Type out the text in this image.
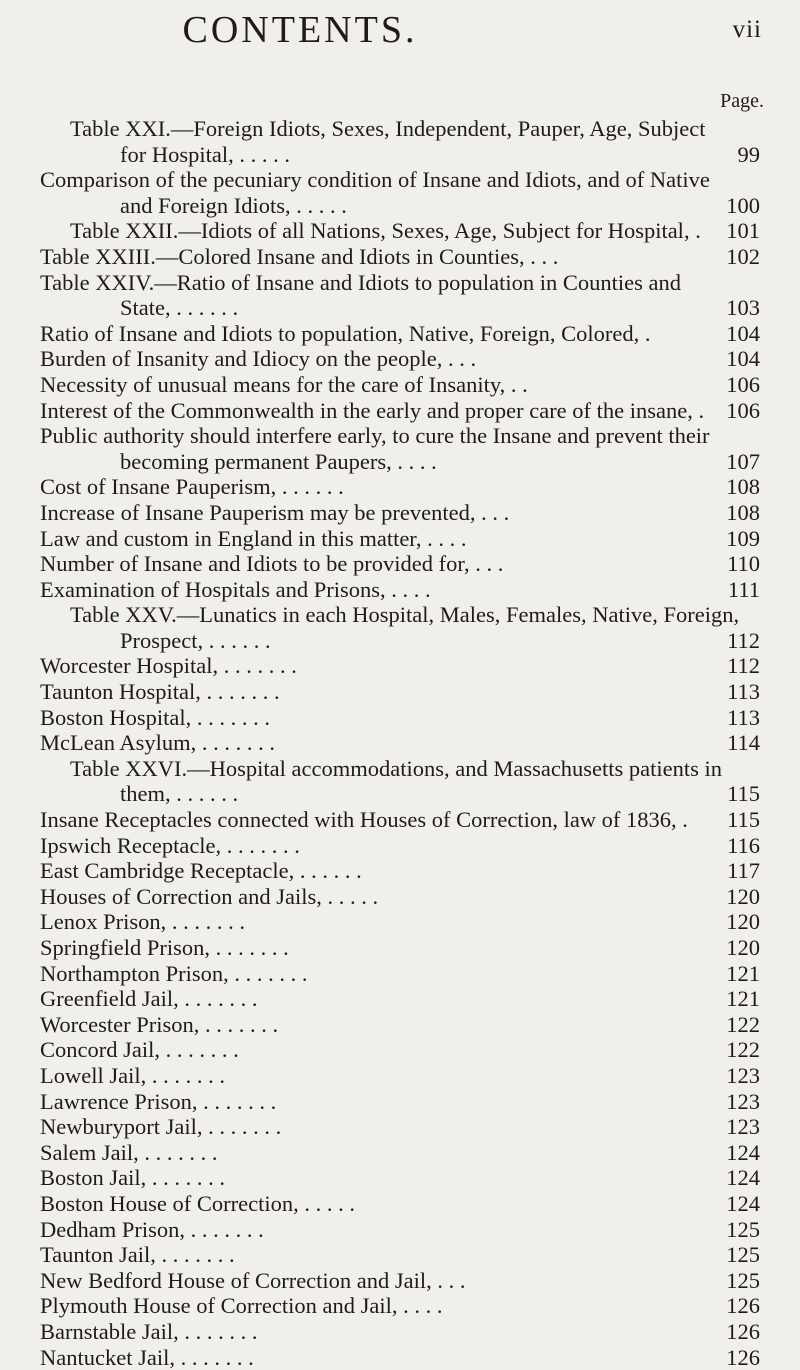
CONTENTS.	vii
Page.
Table XXI.—Foreign Idiots, Sexes, Independent, Pauper, Age, Subject
for Hospital, . . . . .	99
Comparison of the pecuniary condition of Insane and Idiots, and of Native
and Foreign Idiots, . . . . .	100
Table XXII.—Idiots of all Nations, Sexes, Age, Subject for Hospital, .	101
Table XXIII.—Colored Insane and Idiots in Counties, . . .	102
Table XXIV.—Ratio of Insane and Idiots to population in Counties and
State, . . . . . .	103
Ratio of Insane and Idiots to population, Native, Foreign, Colored, .	104
Burden of Insanity and Idiocy on the people, . . .	104
Necessity of unusual means for the care of Insanity, . .	106
Interest of the Commonwealth in the early and proper care of the insane, . 106
Public authority should interfere early, to cure the Insane and prevent their
becoming permanent Paupers, . . . .	107
Cost of Insane Pauperism, . . . . . .	108
Increase of Insane Pauperism may be prevented, . . .	108
Law and custom in England in this matter, . . . .	109
Number of Insane and Idiots to be provided for, . . .	110
Examination of Hospitals and Prisons, . . . .	111
Table XXV.—Lunatics in each Hospital, Males, Females, Native, Foreign,
Prospect, . . . . . .	112
Worcester Hospital, . . . . . . .	112
Taunton Hospital, . . . . . . .	113
Boston Hospital, . . . . . . .	113
McLean Asylum, . . . . . . .	114
Table XXVI.—Hospital accommodations, and Massachusetts patients in
them, . . . . . .	115
Insane Receptacles connected with Houses of Correction, law of 1836, .	115
Ipswich Receptacle, . . . . . . .	116
East Cambridge Receptacle, . . . . . .	117
Houses of Correction and Jails, . . . . .	120
Lenox Prison, . . . . . . .	120
Springfield Prison, . . . . . . .	120
Northampton Prison, . . . . . . .	121
Greenfield Jail, . . . . . . .	121
Worcester Prison, . . . . . . .	122
Concord Jail, . . . . . . .	122
Lowell Jail, . . . . . . .	123
Lawrence Prison, . . . . . . .	123
Newburyport Jail, . . . . . . .	123
Salem Jail, . . . . . . .	124
Boston Jail, . . . . . . .	124
Boston House of Correction, . . . . .	124
Dedham Prison, . . . . . . .	125
Taunton Jail, . . . . . . .	125
New Bedford House of Correction and Jail, . . .	125
Plymouth House of Correction and Jail, . . . .	126
Barnstable Jail, . . . . . . .	126
Nantucket Jail, . . . . . . .	126
